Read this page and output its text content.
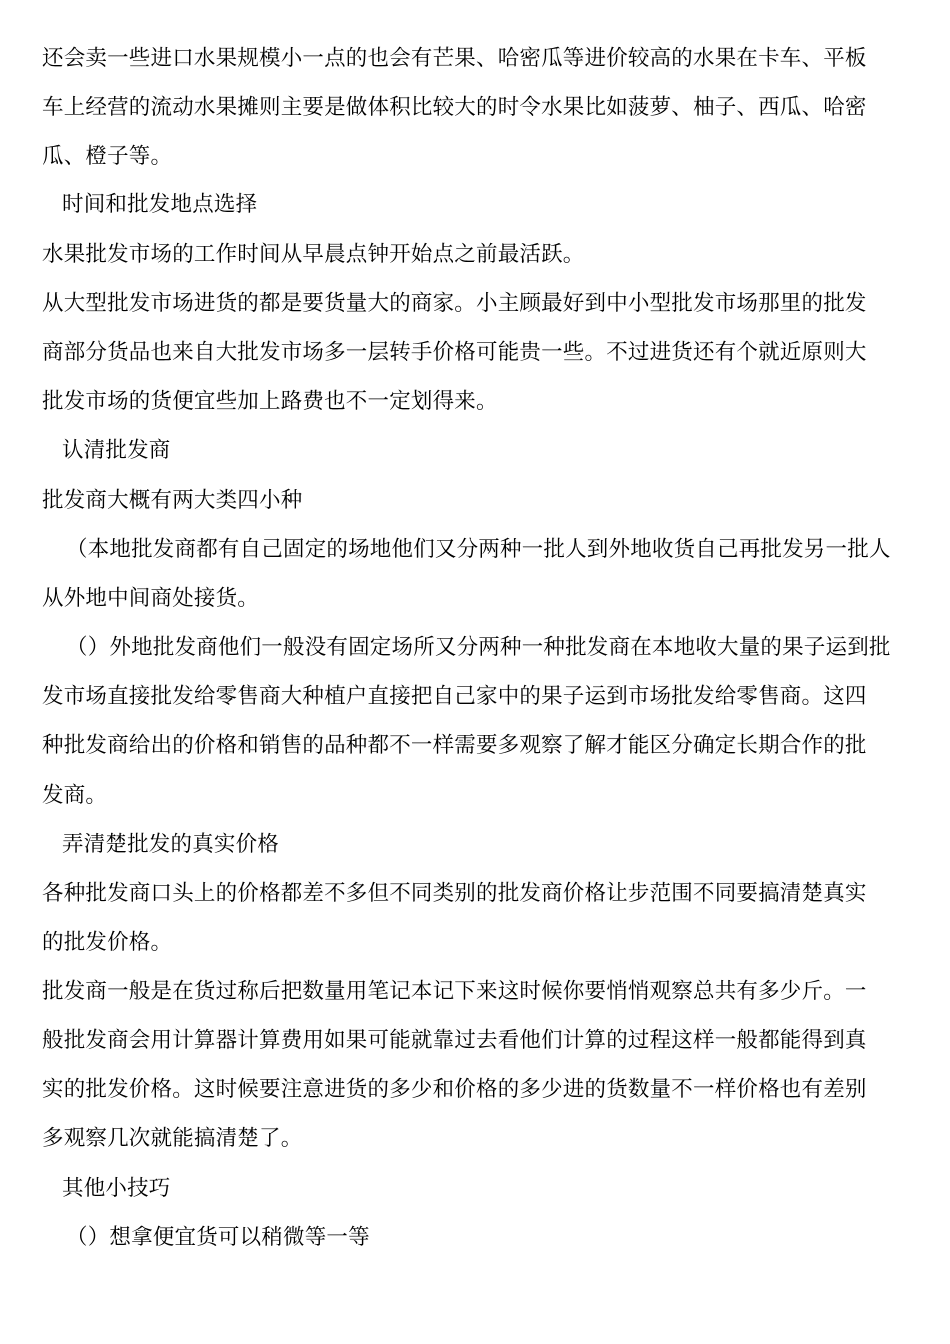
还会卖一些进口水果规模小一点的也会有芒果、哈密瓜等进价较高的水果在卡车、平板
车上经营的流动水果摊则主要是做体积比较大的时令水果比如菠萝、柚子、西瓜、哈密
瓜、橙子等。
时间和批发地点选择
水果批发市场的工作时间从早晨点钟开始点之前最活跃。
从大型批发市场进货的都是要货量大的商家。小主顾最好到中小型批发市场那里的批发
商部分货品也来自大批发市场多一层转手价格可能贵一些。不过进货还有个就近原则大
批发市场的货便宜些加上路费也不一定划得来。
认清批发商
批发商大概有两大类四小种
（本地批发商都有自己固定的场地他们又分两种一批人到外地收货自己再批发另一批人
从外地中间商处接货。
（）外地批发商他们一般没有固定场所又分两种一种批发商在本地收大量的果子运到批
发市场直接批发给零售商大种植户直接把自己家中的果子运到市场批发给零售商。这四
种批发商给出的价格和销售的品种都不一样需要多观察了解才能区分确定长期合作的批
发商。
弄清楚批发的真实价格
各种批发商口头上的价格都差不多但不同类别的批发商价格让步范围不同要搞清楚真实
的批发价格。
批发商一般是在货过称后把数量用笔记本记下来这时候你要悄悄观察总共有多少斤。一
般批发商会用计算器计算费用如果可能就靠过去看他们计算的过程这样一般都能得到真
实的批发价格。这时候要注意进货的多少和价格的多少进的货数量不一样价格也有差别
多观察几次就能搞清楚了。
其他小技巧
（）想拿便宜货可以稍微等一等
